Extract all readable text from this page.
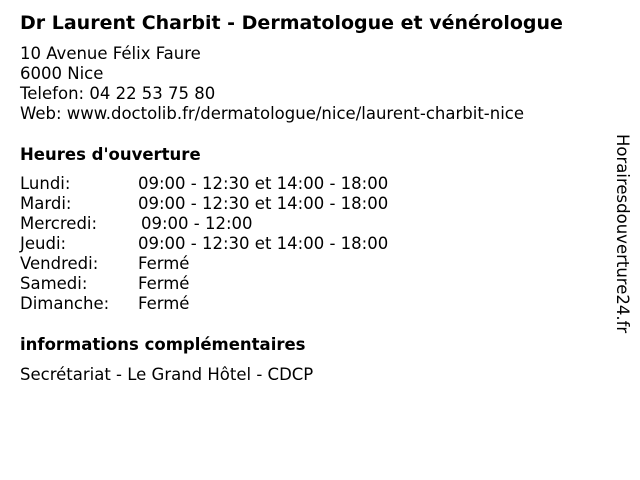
Dr Laurent Charbit - Dermatologue et vénérologue
10 Avenue Félix Faure
6000 Nice
Telefon: 04 22 53 75 80
Web: www.doctolib.fr/dermatologue/nice/laurent-charbit-nice
Heures d'ouverture
Lundi:	09:00 - 12:30 et 14:00 - 18:00
Mardi:	09:00 - 12:30 et 14:00 - 18:00
Mercredi:	09:00 - 12:00
Jeudi:	09:00 - 12:30 et 14:00 - 18:00
Vendredi: Fermé
Samedi:	Fermé
Dimanche: Fermé
informations complémentaires
Secrétariat - Le Grand Hôtel - CDCP
Horairesdouverture24.fr
